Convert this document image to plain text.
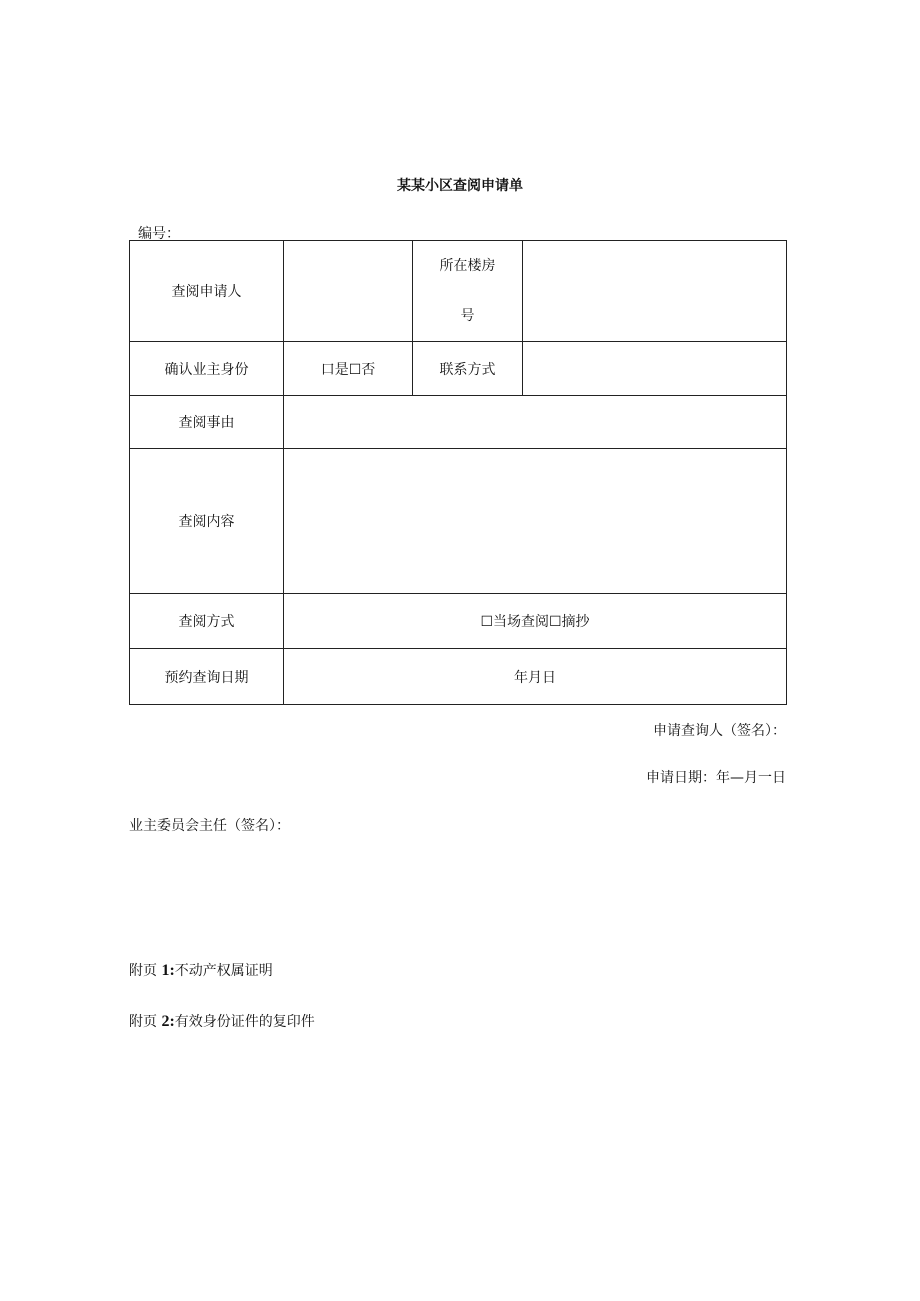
某某小区查阅申请单
编号：
查阅申请人		所在楼房
号	

确认业主身份	口是☐否	联系方式	
查阅事由			
查阅内容			
查阅方式	☐当场查阅☐摘抄		
预约查询日期	年月日		
申请查询人（签名）：
申请日期：年—月一日
业主委员会主任（签名）：
附页 1:不动产权属证明
附页 2:有效身份证件的复印件
